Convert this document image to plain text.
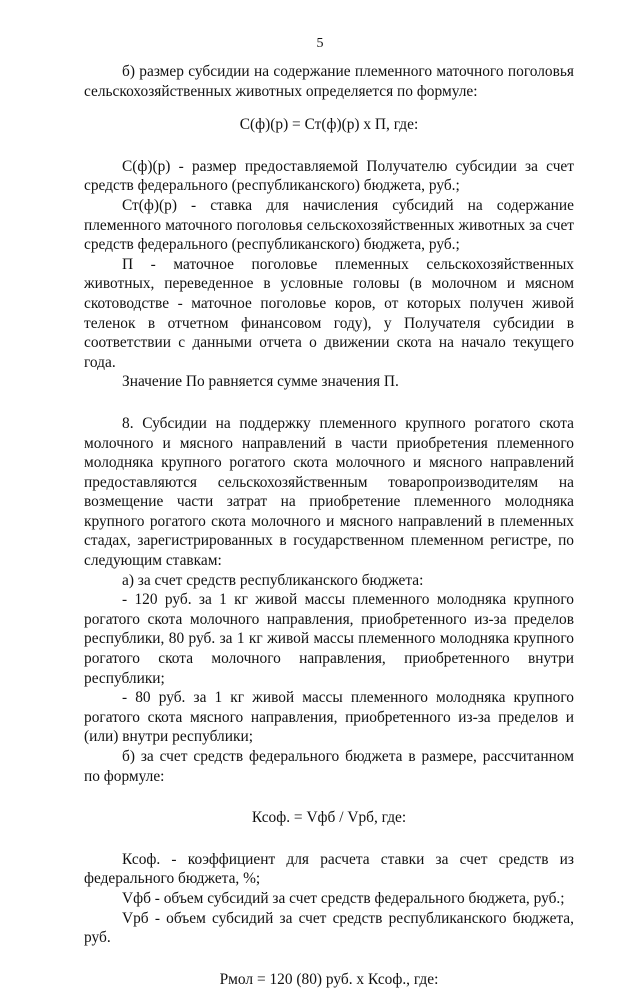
5

б) размер субсидии на содержание племенного маточного поголовья сельскохозяйственных животных определяется по формуле:

С(ф)(р) = Ст(ф)(р) х П, где:

С(ф)(р) - размер предоставляемой Получателю субсидии за счет средств федерального (республиканского) бюджета, руб.;

Ст(ф)(р) - ставка для начисления субсидий на содержание племенного маточного поголовья сельскохозяйственных животных за счет средств федерального (республиканского) бюджета, руб.;

П - маточное поголовье племенных сельскохозяйственных животных, переведенное в условные головы (в молочном и мясном скотоводстве - маточное поголовье коров, от которых получен живой теленок в отчетном финансовом году), у Получателя субсидии в соответствии с данными отчета о движении скота на начало текущего года.

Значение По равняется сумме значения П.

8. Субсидии на поддержку племенного крупного рогатого скота молочного и мясного направлений в части приобретения племенного молодняка крупного рогатого скота молочного и мясного направлений предоставляются сельскохозяйственным товаропроизводителям на возмещение части затрат на приобретение племенного молодняка крупного рогатого скота молочного и мясного направлений в племенных стадах, зарегистрированных в государственном племенном регистре, по следующим ставкам:

а) за счет средств республиканского бюджета:

- 120 руб. за 1 кг живой массы племенного молодняка крупного рогатого скота молочного направления, приобретенного из-за пределов республики, 80 руб. за 1 кг живой массы племенного молодняка крупного рогатого скота молочного направления, приобретенного внутри республики;

- 80 руб. за 1 кг живой массы племенного молодняка крупного рогатого скота мясного направления, приобретенного из-за пределов и (или) внутри республики;

б) за счет средств федерального бюджета в размере, рассчитанном по формуле:

Ксоф. = Vфб / Vрб, где:

Ксоф. - коэффициент для расчета ставки за счет средств из федерального бюджета, %;

Vфб - объем субсидий за счет средств федерального бюджета, руб.;

Vрб - объем субсидий за счет средств республиканского бюджета, руб.

Рмол = 120 (80) руб. х Ксоф., где:
